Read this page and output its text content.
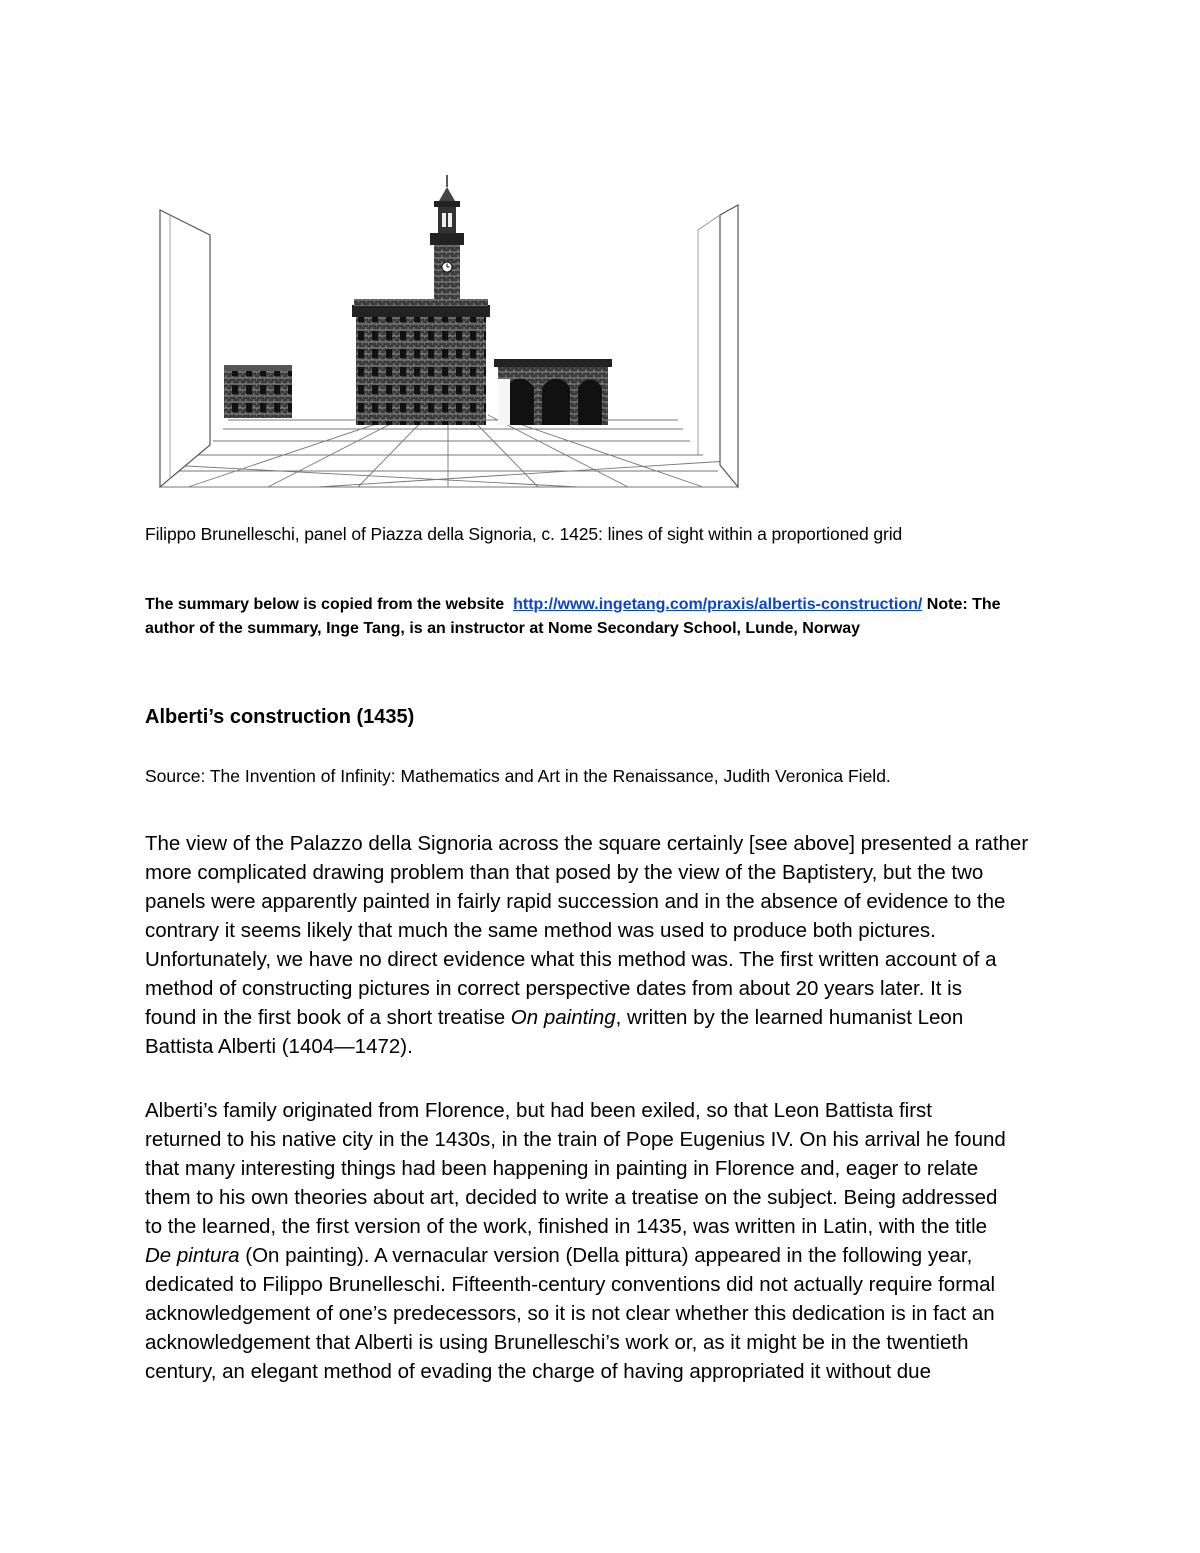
Filippo Brunelleschi, panel of Piazza della Signoria, c. 1425: lines of sight within a proportioned grid
The summary below is copied from the website http://www.ingetang.com/praxis/albertis-construction/ Note: The
author of the summary, Inge Tang, is an instructor at Nome Secondary School, Lunde, Norway
Alberti’s construction (1435)
Source: The Invention of Infinity: Mathematics and Art in the Renaissance, Judith Veronica Field.
The view of the Palazzo della Signoria across the square certainly [see above] presented a rather
more complicated drawing problem than that posed by the view of the Baptistery, but the two
panels were apparently painted in fairly rapid succession and in the absence of evidence to the
contrary it seems likely that much the same method was used to produce both pictures.
Unfortunately, we have no direct evidence what this method was. The first written account of a
method of constructing pictures in correct perspective dates from about 20 years later. It is
found in the first book of a short treatise On painting, written by the learned humanist Leon
Battista Alberti (1404—1472).
Alberti’s family originated from Florence, but had been exiled, so that Leon Battista first
returned to his native city in the 1430s, in the train of Pope Eugenius IV. On his arrival he found
that many interesting things had been happening in painting in Florence and, eager to relate
them to his own theories about art, decided to write a treatise on the subject. Being addressed
to the learned, the first version of the work, finished in 1435, was written in Latin, with the title
De pintura (On painting). A vernacular version (Della pittura) appeared in the following year,
dedicated to Filippo Brunelleschi. Fifteenth-century conventions did not actually require formal
acknowledgement of one’s predecessors, so it is not clear whether this dedication is in fact an
acknowledgement that Alberti is using Brunelleschi’s work or, as it might be in the twentieth
century, an elegant method of evading the charge of having appropriated it without due
